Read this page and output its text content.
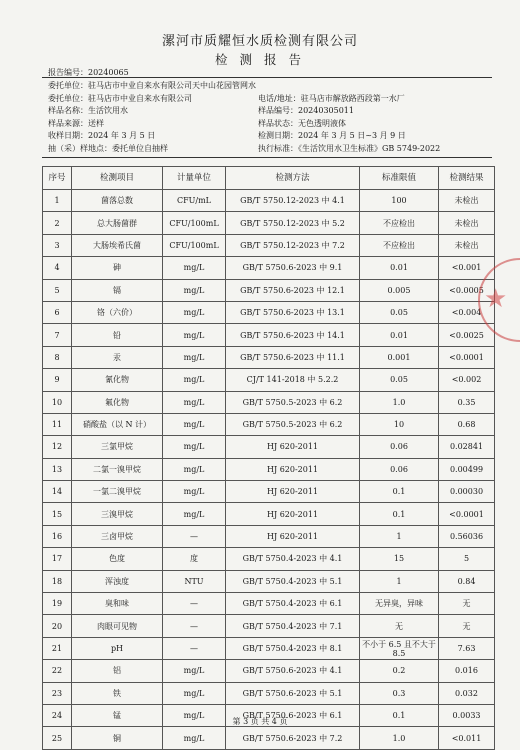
漯河市质耀恒水质检测有限公司
检 测 报 告
报告编号：20240065
委托单位：驻马店市中业自来水有限公司天中山花园管网水
委托单位：驻马店市中业自来水有限公司	电话/地址：驻马店市解放路西段第一水厂
样品名称：生活饮用水	样品编号：20240305011
样品来源：送样	样品状态：无色透明液体
收样日期：2024 年 3 月 5 日	检测日期：2024 年 3 月 5 日~3 月 9 日
抽（采）样地点：委托单位自抽样	执行标准：《生活饮用水卫生标准》GB 5749-2022
序号	检测项目	计量单位	检测方法	标准限值	检测结果
1	菌落总数	CFU/mL	GB/T 5750.12-2023 中 4.1	100	未检出
2	总大肠菌群	CFU/100mL	GB/T 5750.12-2023 中 5.2	不应检出	未检出
3	大肠埃希氏菌	CFU/100mL	GB/T 5750.12-2023 中 7.2	不应检出	未检出
4	砷	mg/L	GB/T 5750.6-2023 中 9.1	0.01	<0.001
5	镉	mg/L	GB/T 5750.6-2023 中 12.1	0.005	<0.0005
6	铬（六价）	mg/L	GB/T 5750.6-2023 中 13.1	0.05	<0.004
7	铅	mg/L	GB/T 5750.6-2023 中 14.1	0.01	<0.0025
8	汞	mg/L	GB/T 5750.6-2023 中 11.1	0.001	<0.0001
9	氰化物	mg/L	CJ/T 141-2018 中 5.2.2	0.05	<0.002
10	氟化物	mg/L	GB/T 5750.5-2023 中 6.2	1.0	0.35
11	硝酸盐（以 N 计）	mg/L	GB/T 5750.5-2023 中 6.2	10	0.68
12	三氯甲烷	mg/L	HJ 620-2011	0.06	0.02841
13	二氯一溴甲烷	mg/L	HJ 620-2011	0.06	0.00499
14	一氯二溴甲烷	mg/L	HJ 620-2011	0.1	0.00030
15	三溴甲烷	mg/L	HJ 620-2011	0.1	<0.0001
16	三卤甲烷	—	HJ 620-2011	1	0.56036
17	色度	度	GB/T 5750.4-2023 中 4.1	15	5
18	浑浊度	NTU	GB/T 5750.4-2023 中 5.1	1	0.84
19	臭和味	—	GB/T 5750.4-2023 中 6.1	无异臭，异味	无
20	肉眼可见物	—	GB/T 5750.4-2023 中 7.1	无	无
21	pH	—	GB/T 5750.4-2023 中 8.1	不小于 6.5 且不大于 8.5	7.63
22	铝	mg/L	GB/T 5750.6-2023 中 4.1	0.2	0.016
23	铁	mg/L	GB/T 5750.6-2023 中 5.1	0.3	0.032
24	锰	mg/L	GB/T 5750.6-2023 中 6.1	0.1	0.0033
25	铜	mg/L	GB/T 5750.6-2023 中 7.2	1.0	<0.011
★
第 3 页 共 4 页
